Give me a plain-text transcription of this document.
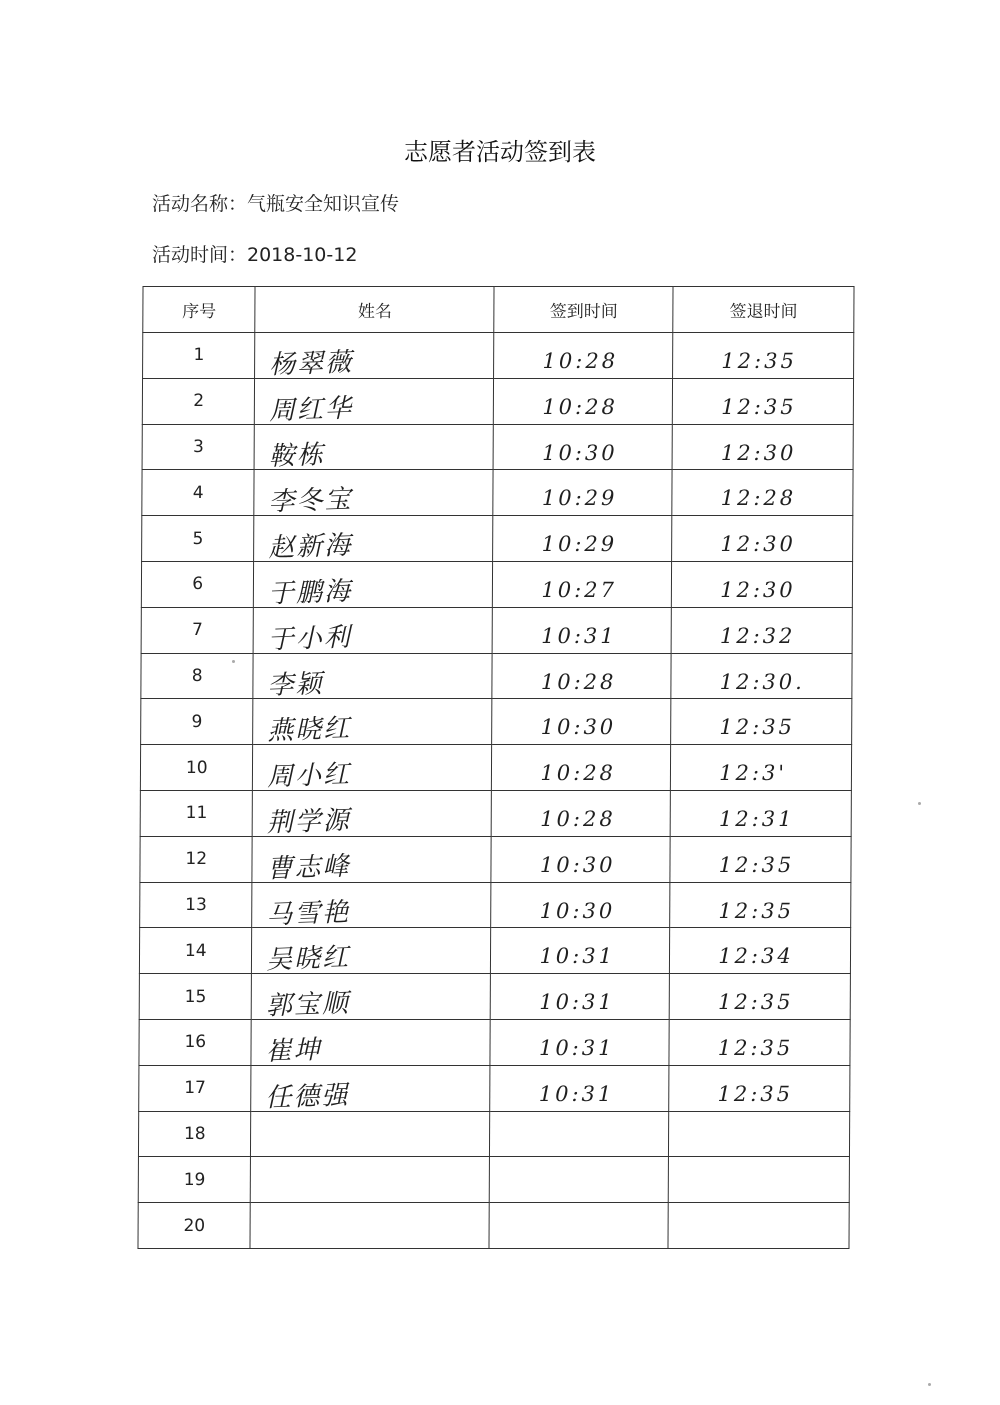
志愿者活动签到表
活动名称：气瓶安全知识宣传
活动时间：2018-10-12
序号	姓名	签到时间	签退时间
1	杨翠薇	10:28	12:35

2	周红华	10:28	12:35

3	鞍栋	10:30	12:30

4	李冬宝	10:29	12:28

5	赵新海	10:29	12:30

6	于鹏海	10:27	12:30

7	于小利	10:31	12:32

8	李颖	10:28	12:30.

9	燕晓红	10:30	12:35

10	周小红	10:28	12:3'

11	荆学源	10:28	12:31

12	曹志峰	10:30	12:35

13	马雪艳	10:30	12:35

14	吴晓红	10:31	12:34

15	郭宝顺	10:31	12:35

16	崔坤	10:31	12:35

17	任德强	10:31	12:35

18	

19	

20	
